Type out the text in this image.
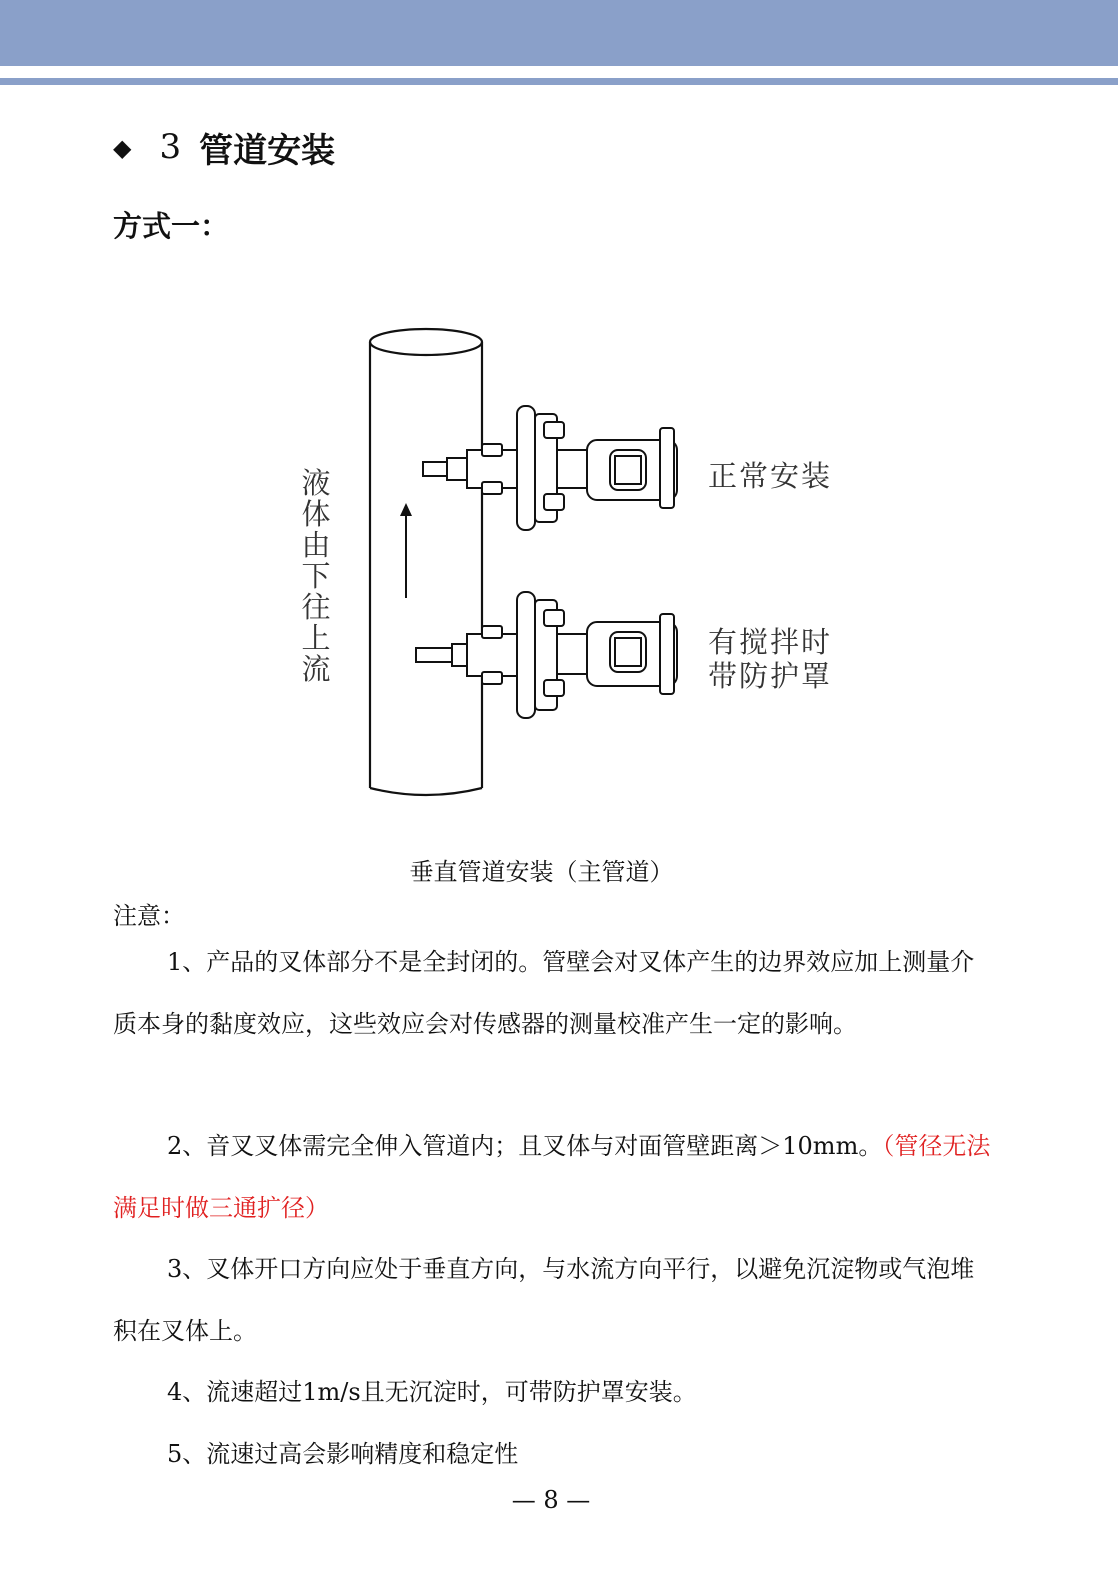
◆ 3 管道安装
方式一：
液体由下往上流
正常安装
有搅拌时
带防护罩
垂直管道安装（主管道）
注意：
1、产品的叉体部分不是全封闭的。管壁会对叉体产生的边界效应加上测量介质本身的黏度效应，这些效应会对传感器的测量校准产生一定的影响。
2、音叉叉体需完全伸入管道内；且叉体与对面管壁距离＞10mm。（管径无法满足时做三通扩径）
3、叉体开口方向应处于垂直方向，与水流方向平行，以避免沉淀物或气泡堆积在叉体上。
4、流速超过1m/s且无沉淀时，可带防护罩安装。
5、流速过高会影响精度和稳定性
— 8 —
